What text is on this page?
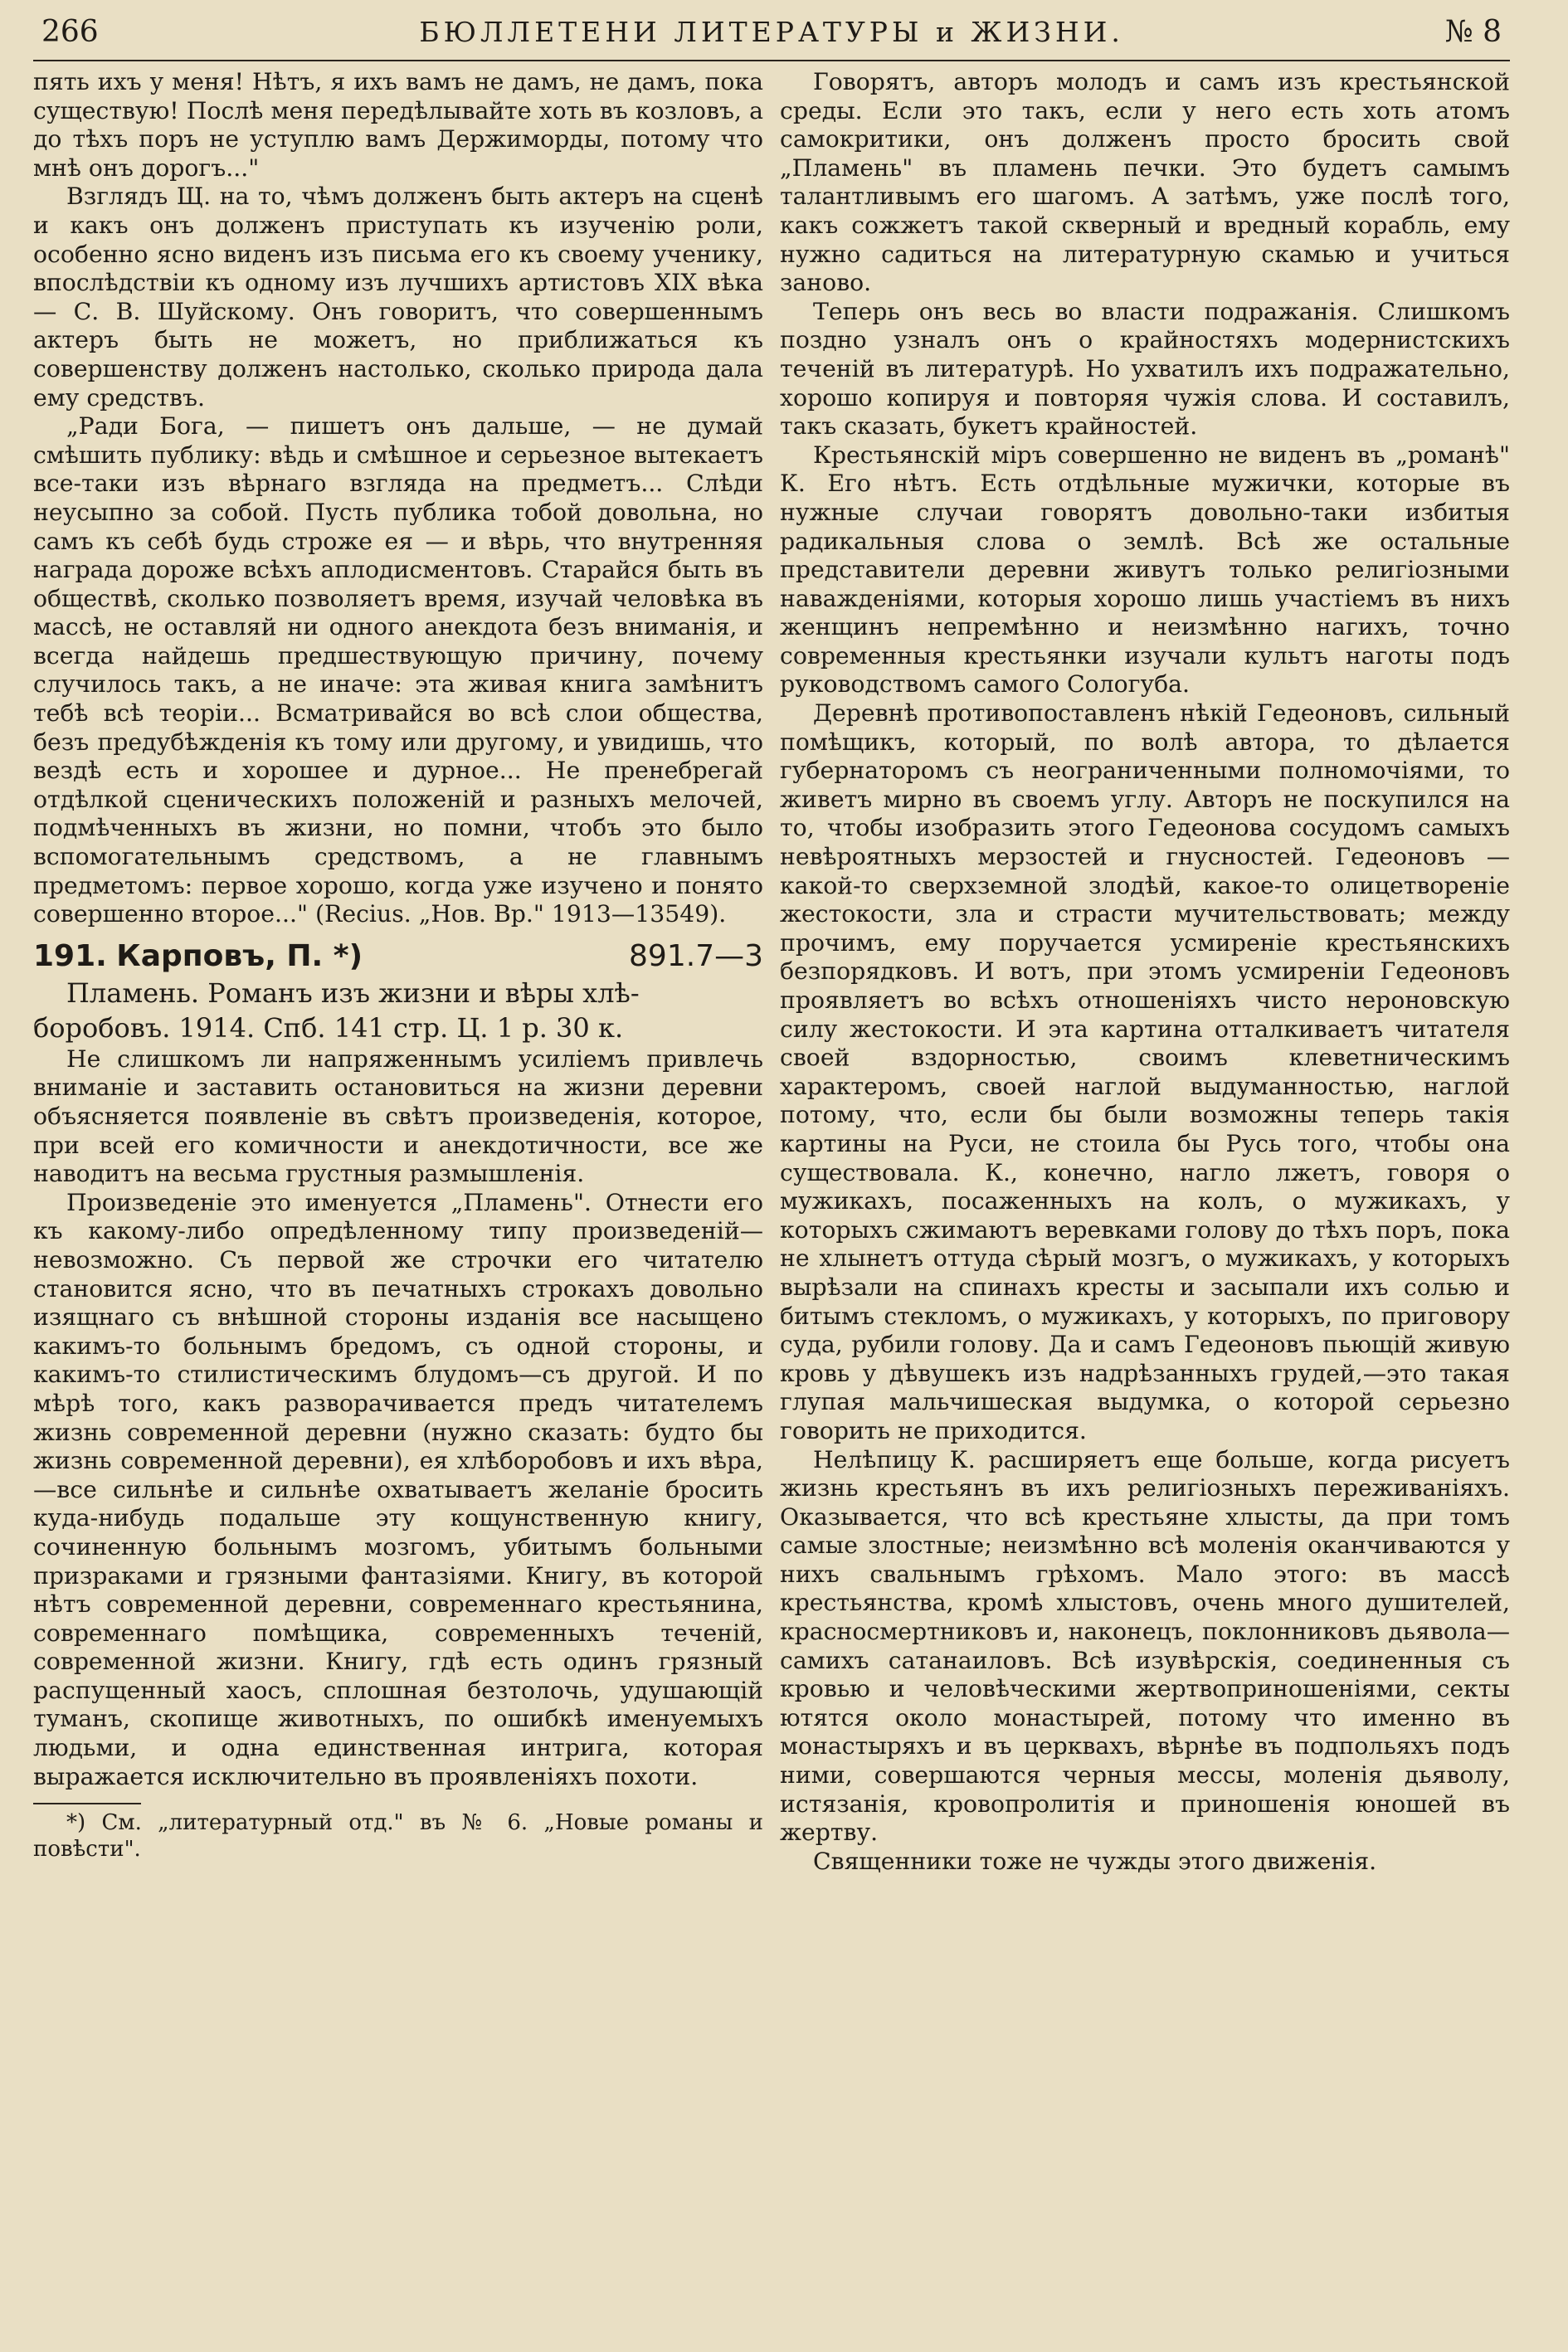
266	БЮЛЛЕТЕНИ ЛИТЕРАТУРЫ и ЖИЗНИ.	№ 8

пять ихъ у меня! Нѣтъ, я ихъ вамъ не дамъ, не дамъ, пока существую! Послѣ меня передѣлывайте хоть въ козловъ, а до тѣхъ поръ не уступлю вамъ Держиморды, потому что мнѣ онъ дорогъ..."

Взглядъ Щ. на то, чѣмъ долженъ быть актеръ на сценѣ и какъ онъ долженъ приступать къ изученію роли, особенно ясно виденъ изъ письма его къ своему ученику, впослѣдствіи къ одному изъ лучшихъ артистовъ XIX вѣка — С. В. Шуйскому. Онъ говоритъ, что совершеннымъ актеръ быть не можетъ, но приближаться къ совершенству долженъ настолько, сколько природа дала ему средствъ.

„Ради Бога, — пишетъ онъ дальше, — не думай смѣшить публику: вѣдь и смѣшное и серьезное вытекаетъ все-таки изъ вѣрнаго взгляда на предметъ... Слѣди неусыпно за собой. Пусть публика тобой довольна, но самъ къ себѣ будь строже ея — и вѣрь, что внутренняя награда дороже всѣхъ аплодисментовъ. Старайся быть въ обществѣ, сколько позволяетъ время, изучай человѣка въ массѣ, не оставляй ни одного анекдота безъ вниманія, и всегда найдешь предшествующую причину, почему случилось такъ, а не иначе: эта живая книга замѣнитъ тебѣ всѣ теоріи... Всматривайся во всѣ слои общества, безъ предубѣжденія къ тому или другому, и увидишь, что вездѣ есть и хорошее и дурное... Не пренебрегай отдѣлкой сценическихъ положеній и разныхъ мелочей, подмѣченныхъ въ жизни, но помни, чтобъ это было вспомогательнымъ средствомъ, а не главнымъ предметомъ: первое хорошо, когда уже изучено и понято совершенно второе..." (Recius. „Нов. Вр." 1913—13549).

191. Карповъ, П. *)	891.7—3
Пламень. Романъ изъ жизни и вѣры хлѣ-
боробовъ. 1914. Спб. 141 стр. Ц. 1 р. 30 к.

Не слишкомъ ли напряженнымъ усиліемъ привлечь вниманіе и заставить остановиться на жизни деревни объясняется появленіе въ свѣтъ произведенія, которое, при всей его комичности и анекдотичности, все же наводитъ на весьма грустныя размышленія.

Произведеніе это именуется „Пламень". Отнести его къ какому-либо опредѣленному типу произведеній—невозможно. Съ первой же строчки его читателю становится ясно, что въ печатныхъ строкахъ довольно изящнаго съ внѣшной стороны изданія все насыщено какимъ-то больнымъ бредомъ, съ одной стороны, и какимъ-то стилистическимъ блудомъ—съ другой. И по мѣрѣ того, какъ разворачивается предъ читателемъ жизнь современной деревни (нужно сказать: будто бы жизнь современной деревни), ея хлѣборобовъ и ихъ вѣра,—все сильнѣе и сильнѣе охватываетъ желаніе бросить куда-нибудь подальше эту кощунственную книгу, сочиненную больнымъ мозгомъ, убитымъ больными призраками и грязными фантазіями. Книгу, въ которой нѣтъ современной деревни, современнаго крестьянина, современнаго помѣщика, современныхъ теченій, современной жизни. Книгу, гдѣ есть одинъ грязный распущенный хаосъ, сплошная безтолочь, удушающій туманъ, скопище животныхъ, по ошибкѣ именуемыхъ людьми, и одна единственная интрига, которая выражается исключительно въ проявленіяхъ похоти.

*) См. „литературный отд." въ № 6. „Новые романы и повѣсти".

Говорятъ, авторъ молодъ и самъ изъ крестьянской среды. Если это такъ, если у него есть хоть атомъ самокритики, онъ долженъ просто бросить свой „Пламень" въ пламень печки. Это будетъ самымъ талантливымъ его шагомъ. А затѣмъ, уже послѣ того, какъ сожжетъ такой скверный и вредный корабль, ему нужно садиться на литературную скамью и учиться заново.

Теперь онъ весь во власти подражанія. Слишкомъ поздно узналъ онъ о крайностяхъ модернистскихъ теченій въ литературѣ. Но ухватилъ ихъ подражательно, хорошо копируя и повторяя чужія слова. И составилъ, такъ сказать, букетъ крайностей.

Крестьянскій міръ совершенно не виденъ въ „романѣ" К. Его нѣтъ. Есть отдѣльные мужички, которые въ нужные случаи говорятъ довольно-таки избитыя радикальныя слова о землѣ. Всѣ же остальные представители деревни живутъ только религіозными наважденіями, которыя хорошо лишь участіемъ въ нихъ женщинъ непремѣнно и неизмѣнно нагихъ, точно современныя крестьянки изучали культъ наготы подъ руководствомъ самого Сологуба.

Деревнѣ противопоставленъ нѣкій Гедеоновъ, сильный помѣщикъ, который, по волѣ автора, то дѣлается губернаторомъ съ неограниченными полномочіями, то живетъ мирно въ своемъ углу. Авторъ не поскупился на то, чтобы изобразить этого Гедеонова сосудомъ самыхъ невѣроятныхъ мерзостей и гнусностей. Гедеоновъ —какой-то сверхземной злодѣй, какое-то олицетвореніе жестокости, зла и страсти мучительствовать; между прочимъ, ему поручается усмиреніе крестьянскихъ безпорядковъ. И вотъ, при этомъ усмиреніи Гедеоновъ проявляетъ во всѣхъ отношеніяхъ чисто нероновскую силу жестокости. И эта картина отталкиваетъ читателя своей вздорностью, своимъ клеветническимъ характеромъ, своей наглой выдуманностью, наглой потому, что, если бы были возможны теперь такія картины на Руси, не стоила бы Русь того, чтобы она существовала. К., конечно, нагло лжетъ, говоря о мужикахъ, посаженныхъ на колъ, о мужикахъ, у которыхъ сжимаютъ веревками голову до тѣхъ поръ, пока не хлынетъ оттуда сѣрый мозгъ, о мужикахъ, у которыхъ вырѣзали на спинахъ кресты и засыпали ихъ солью и битымъ стекломъ, о мужикахъ, у которыхъ, по приговору суда, рубили голову. Да и самъ Гедеоновъ пьющій живую кровь у дѣвушекъ изъ надрѣзанныхъ грудей,—это такая глупая мальчишеская выдумка, о которой серьезно говорить не приходится.

Нелѣпицу К. расширяетъ еще больше, когда рисуетъ жизнь крестьянъ въ ихъ религіозныхъ переживаніяхъ. Оказывается, что всѣ крестьяне хлысты, да при томъ самые злостные; неизмѣнно всѣ моленія оканчиваются у нихъ свальнымъ грѣхомъ. Мало этого: въ массѣ крестьянства, кромѣ хлыстовъ, очень много душителей, красносмертниковъ и, наконецъ, поклонниковъ дьявола—самихъ сатанаиловъ. Всѣ изувѣрскія, соединенныя съ кровью и человѣческими жертвоприношеніями, секты ютятся около монастырей, потому что именно въ монастыряхъ и въ церквахъ, вѣрнѣе въ подпольяхъ подъ ними, совершаются черныя мессы, моленія дьяволу, истязанія, кровопролитія и приношенія юношей въ жертву.

Священники тоже не чужды этого движенія.
